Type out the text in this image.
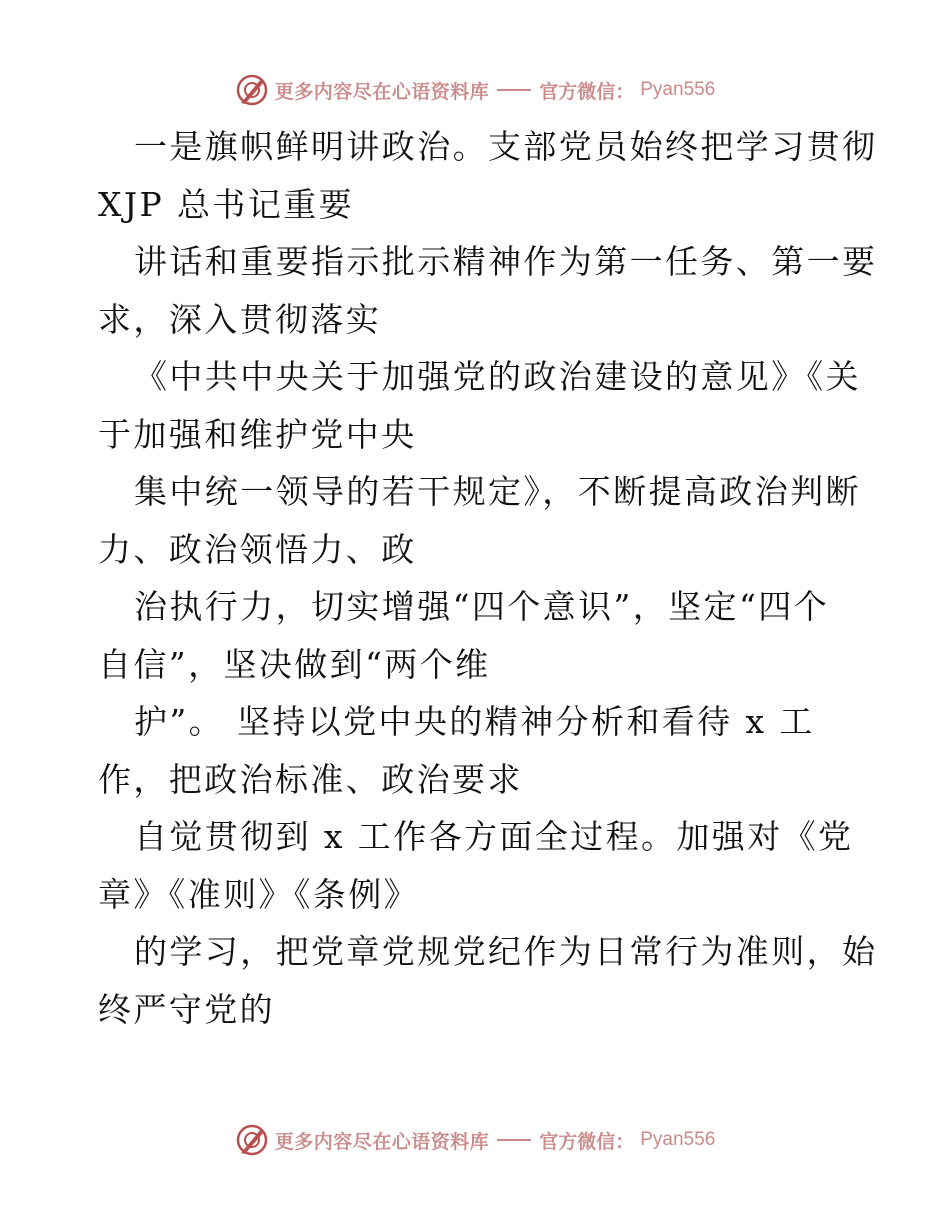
更多内容尽在心语资料库	官方微信： Pyan556
一是旗帜鲜明讲政治。支部党员始终把学习贯彻
XJP 总书记重要
讲话和重要指示批示精神作为第一任务、第一要
求，深入贯彻落实
《中共中央关于加强党的政治建设的意见》《关
于加强和维护党中央
集中统一领导的若干规定》，不断提高政治判断
力、政治领悟力、政
治执行力，切实增强“四个意识”，坚定“四个
自信”，坚决做到“两个维
护”。 坚持以党中央的精神分析和看待 x 工
作，把政治标准、政治要求
自觉贯彻到 x 工作各方面全过程。加强对《党
章》《准则》《条例》
的学习，把党章党规党纪作为日常行为准则，始
终严守党的
更多内容尽在心语资料库	官方微信： Pyan556
